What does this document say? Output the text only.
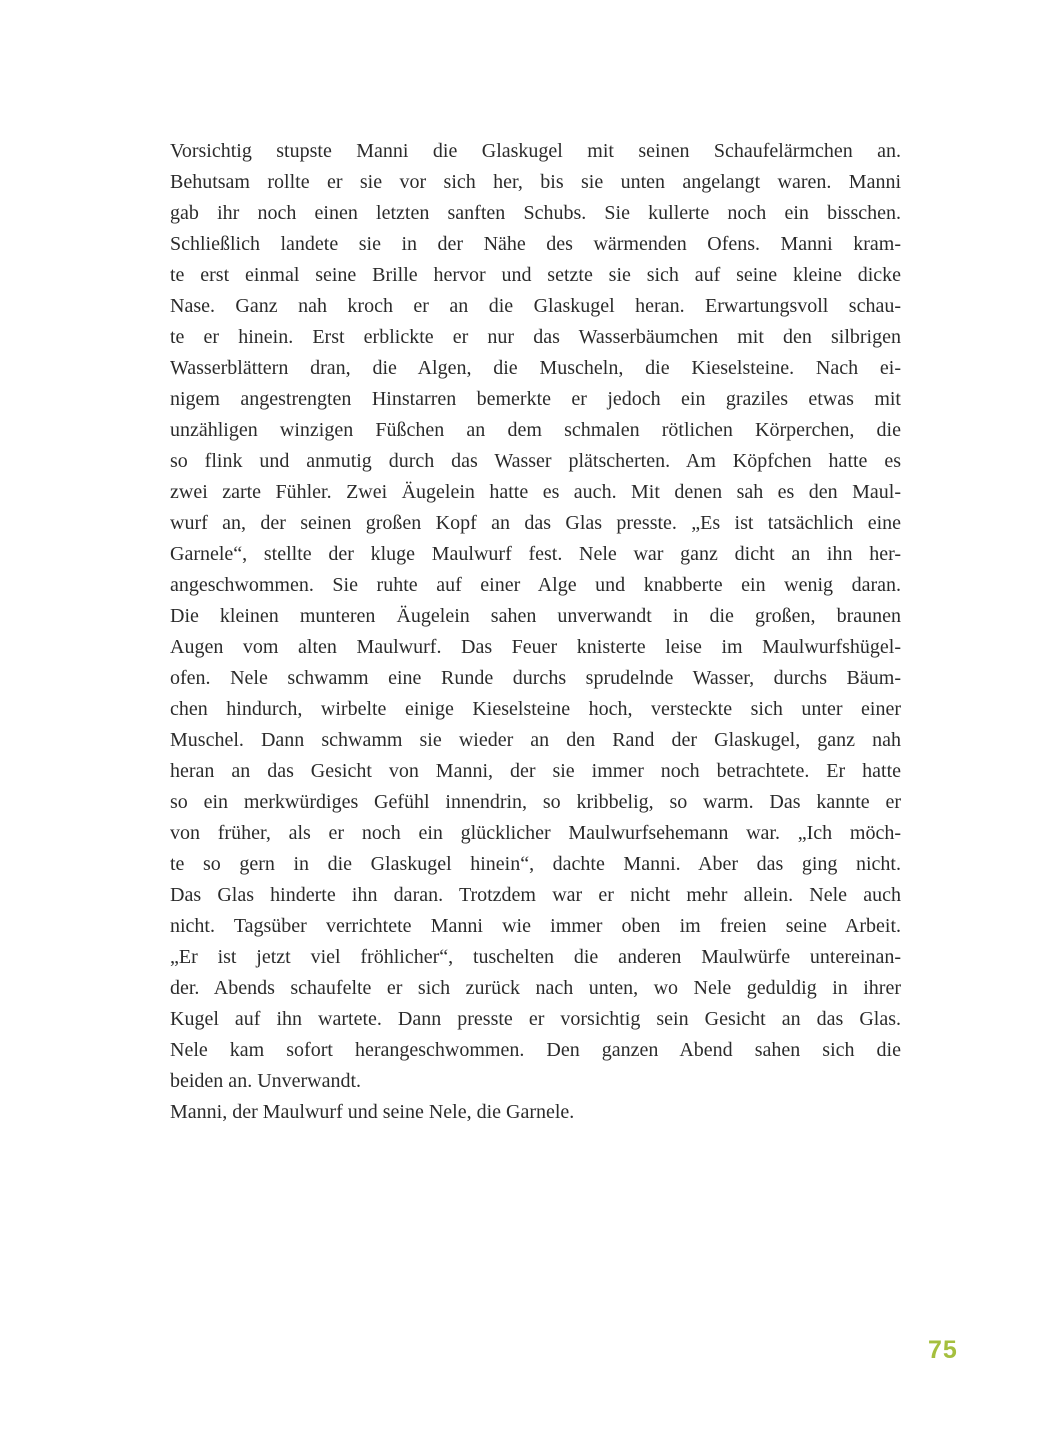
Vorsichtig stupste Manni die Glaskugel mit seinen Schaufelärmchen an.
Behutsam rollte er sie vor sich her, bis sie unten angelangt waren. Manni
gab ihr noch einen letzten sanften Schubs. Sie kullerte noch ein bisschen.
Schließlich landete sie in der Nähe des wärmenden Ofens. Manni kram-
te erst einmal seine Brille hervor und setzte sie sich auf seine kleine dicke
Nase. Ganz nah kroch er an die Glaskugel heran. Erwartungsvoll schau-
te er hinein. Erst erblickte er nur das Wasserbäumchen mit den silbrigen
Wasserblättern dran, die Algen, die Muscheln, die Kieselsteine. Nach ei-
nigem angestrengten Hinstarren bemerkte er jedoch ein graziles etwas mit
unzähligen winzigen Füßchen an dem schmalen rötlichen Körperchen, die
so flink und anmutig durch das Wasser plätscherten. Am Köpfchen hatte es
zwei zarte Fühler. Zwei Äugelein hatte es auch. Mit denen sah es den Maul-
wurf an, der seinen großen Kopf an das Glas presste. „Es ist tatsächlich eine
Garnele“, stellte der kluge Maulwurf fest. Nele war ganz dicht an ihn her-
angeschwommen. Sie ruhte auf einer Alge und knabberte ein wenig daran.
Die kleinen munteren Äugelein sahen unverwandt in die großen, braunen
Augen vom alten Maulwurf. Das Feuer knisterte leise im Maulwurfshügel-
ofen. Nele schwamm eine Runde durchs sprudelnde Wasser, durchs Bäum-
chen hindurch, wirbelte einige Kieselsteine hoch, versteckte sich unter einer
Muschel. Dann schwamm sie wieder an den Rand der Glaskugel, ganz nah
heran an das Gesicht von Manni, der sie immer noch betrachtete. Er hatte
so ein merkwürdiges Gefühl innendrin, so kribbelig, so warm. Das kannte er
von früher, als er noch ein glücklicher Maulwurfsehemann war. „Ich möch-
te so gern in die Glaskugel hinein“, dachte Manni. Aber das ging nicht.
Das Glas hinderte ihn daran. Trotzdem war er nicht mehr allein. Nele auch
nicht. Tagsüber verrichtete Manni wie immer oben im freien seine Arbeit.
„Er ist jetzt viel fröhlicher“, tuschelten die anderen Maulwürfe untereinan-
der. Abends schaufelte er sich zurück nach unten, wo Nele geduldig in ihrer
Kugel auf ihn wartete. Dann presste er vorsichtig sein Gesicht an das Glas.
Nele kam sofort herangeschwommen. Den ganzen Abend sahen sich die
beiden an. Unverwandt.
Manni, der Maulwurf und seine Nele, die Garnele.
75
